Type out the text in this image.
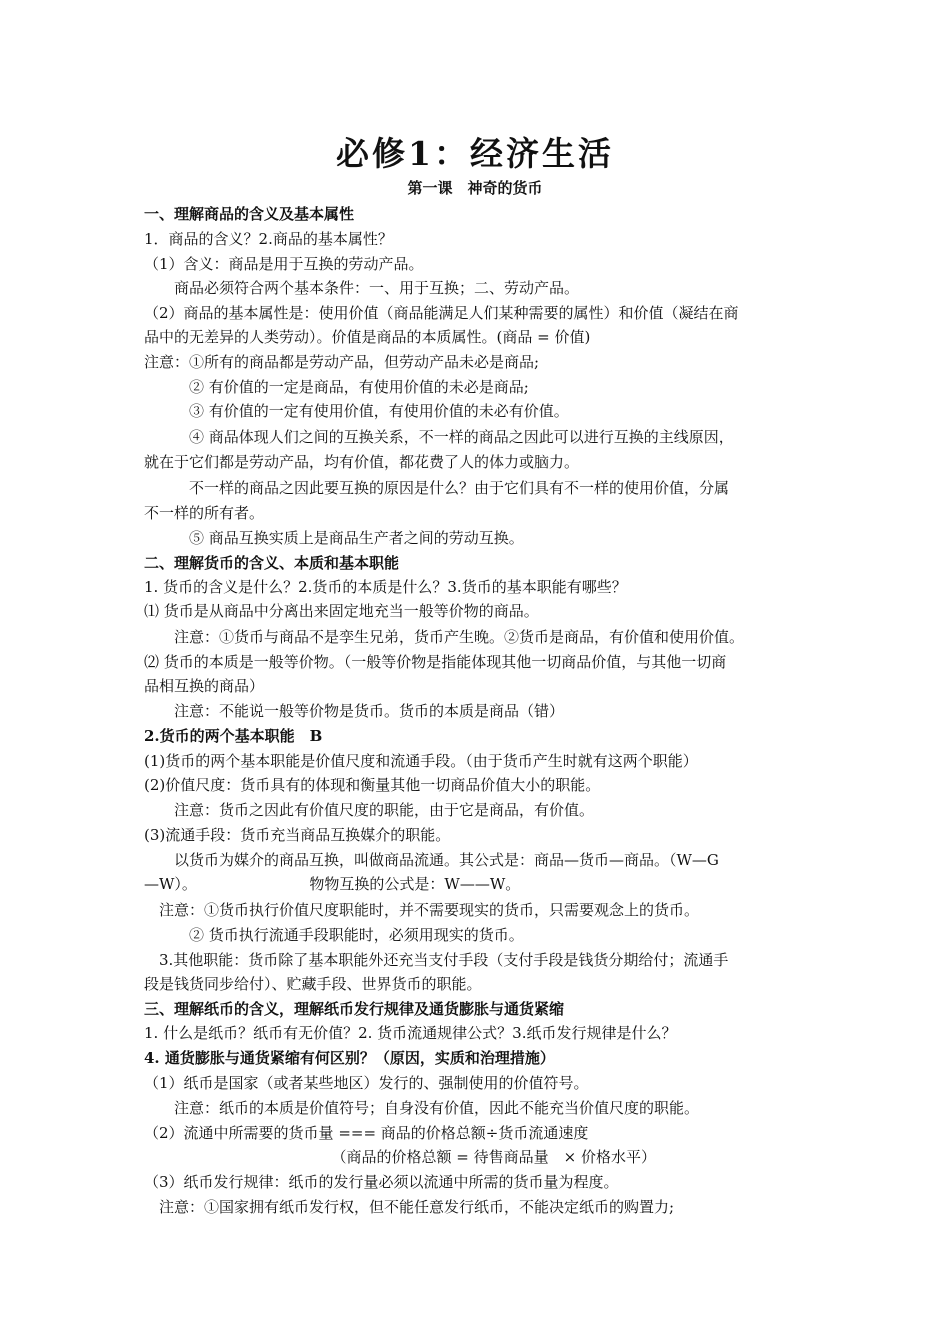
必修1：经济生活
第一课　神奇的货币
一、理解商品的含义及基本属性
1．商品的含义？2.商品的基本属性？
（1）含义：商品是用于互换的劳动产品。
　　商品必须符合两个基本条件：一、用于互换；二、劳动产品。
（2）商品的基本属性是：使用价值（商品能满足人们某种需要的属性）和价值（凝结在商
品中的无差异的人类劳动）。价值是商品的本质属性。(商品 = 价值)
注意：①所有的商品都是劳动产品，但劳动产品未必是商品;
　　　② 有价值的一定是商品，有使用价值的未必是商品;
　　　③ 有价值的一定有使用价值，有使用价值的未必有价值。
　　　④ 商品体现人们之间的互换关系，不一样的商品之因此可以进行互换的主线原因，
就在于它们都是劳动产品，均有价值，都花费了人的体力或脑力。
　　　不一样的商品之因此要互换的原因是什么？由于它们具有不一样的使用价值，分属
不一样的所有者。
　　　⑤ 商品互换实质上是商品生产者之间的劳动互换。
二、理解货币的含义、本质和基本职能
1. 货币的含义是什么？2.货币的本质是什么？3.货币的基本职能有哪些？
⑴ 货币是从商品中分离出来固定地充当一般等价物的商品。
　　注意：①货币与商品不是孪生兄弟，货币产生晚。②货币是商品，有价值和使用价值。
⑵ 货币的本质是一般等价物。（一般等价物是指能体现其他一切商品价值，与其他一切商
品相互换的商品）
　　注意：不能说一般等价物是货币。货币的本质是商品（错）
2.货币的两个基本职能　B
(1)货币的两个基本职能是价值尺度和流通手段。（由于货币产生时就有这两个职能）
(2)价值尺度：货币具有的体现和衡量其他一切商品价值大小的职能。
　　注意：货币之因此有价值尺度的职能，由于它是商品，有价值。
(3)流通手段：货币充当商品互换媒介的职能。
　　以货币为媒介的商品互换，叫做商品流通。其公式是：商品—货币—商品。（W—G
—W）。　　　　　　　　物物互换的公式是：W——W。
　注意：①货币执行价值尺度职能时，并不需要现实的货币，只需要观念上的货币。
　　　② 货币执行流通手段职能时，必须用现实的货币。
　3.其他职能：货币除了基本职能外还充当支付手段（支付手段是钱货分期给付；流通手
段是钱货同步给付）、贮藏手段、世界货币的职能。
三、理解纸币的含义，理解纸币发行规律及通货膨胀与通货紧缩
1. 什么是纸币？纸币有无价值？2. 货币流通规律公式？3.纸币发行规律是什么？
4. 通货膨胀与通货紧缩有何区别？（原因，实质和治理措施）
（1）纸币是国家（或者某些地区）发行的、强制使用的价值符号。
　　注意：纸币的本质是价值符号；自身没有价值，因此不能充当价值尺度的职能。
（2）流通中所需要的货币量 === 商品的价格总额÷货币流通速度
　　　　　　　　　　　　　（商品的价格总额 = 待售商品量　× 价格水平）
（3）纸币发行规律：纸币的发行量必须以流通中所需的货币量为程度。
　注意：①国家拥有纸币发行权，但不能任意发行纸币，不能决定纸币的购置力;
